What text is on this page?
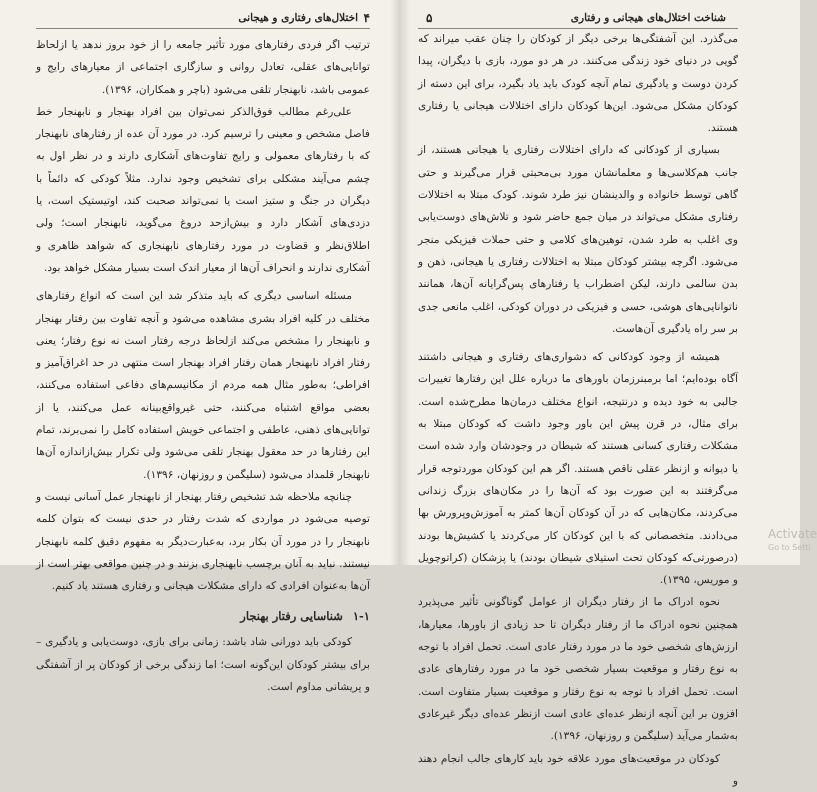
۴
اختلال‌های رفتاری و هیجانی

ترتیب اگر فردی رفتارهای مورد تأثیر جامعه را از خود بروز ندهد یا ازلحاظ توانایی‌های عقلی، تعادل روانی و سازگاری اجتماعی از معیارهای رایج و عمومی باشد، نابهنجار تلقی می‌شود (باچر و همکاران، ۱۳۹۶).

علی‌رغم مطالب فوق‌الذکر نمی‌توان بین افراد بهنجار و نابهنجار خط فاصل مشخص و معینی را ترسیم کرد. در مورد آن عده از رفتارهای نابهنجار که با رفتارهای معمولی و رایج تفاوت‌های آشکاری دارند و در نظر اول به چشم می‌آیند مشکلی برای تشخیص وجود ندارد. مثلاً کودکی که دائماً با دیگران در جنگ و ستیز است یا نمی‌تواند صحبت کند، اوتیستیک است، یا دزدی‌های آشکار دارد و بیش‌ازحد دروغ می‌گوید، نابهنجار است؛ ولی اطلاق‌نظر و قضاوت در مورد رفتارهای نابهنجاری که شواهد ظاهری و آشکاری ندارند و انحراف آن‌ها از معیار اندک است بسیار مشکل خواهد بود.

مسئله اساسی دیگری که باید متذکر شد این است که انواع رفتارهای مختلف در کلیه افراد بشری مشاهده می‌شود و آنچه تفاوت بین رفتار بهنجار و نابهنجار را مشخص می‌کند ازلحاظ درجه رفتار است نه نوع رفتار؛ یعنی رفتار افراد نابهنجار همان رفتار افراد بهنجار است منتهی در حد اغراق‌آمیز و افراطی؛ به‌طور مثال همه مردم از مکانیسم‌های دفاعی استفاده می‌کنند، بعضی مواقع اشتباه می‌کنند، حتی غیرواقع‌بینانه عمل می‌کنند، یا از توانایی‌های ذهنی، عاطفی و اجتماعی خویش استفاده کامل را نمی‌برند، تمام این رفتارها در حد معقول بهنجار تلقی می‌شود ولی تکرار بیش‌ازاندازه آن‌ها نابهنجار قلمداد می‌شود (سلیگمن و روزنهان، ۱۳۹۶).

چنانچه ملاحظه شد تشخیص رفتار بهنجار از نابهنجار عمل آسانی نیست و توصیه می‌شود در مواردی که شدت رفتار در حدی نیست که بتوان کلمه نابهنجار را در مورد آن بکار برد، به‌عبارت‌دیگر به مفهوم دقیق کلمه نابهنجار نیستند. نباید به آنان برچسب نابهنجاری بزنند و در چنین مواقعی بهتر است از آن‌ها به‌عنوان افرادی که دارای مشکلات هیجانی و رفتاری هستند یاد کنیم.

۱-۱ شناسایی رفتار بهنجار

کودکی باید دورانی شاد باشد: زمانی برای بازی، دوست‌یابی و یادگیری – برای بیشتر کودکان این‌گونه است؛ اما زندگی برخی از کودکان پر از آشفتگی و پریشانی مداوم است.

شناخت اختلال‌های هیجانی و رفتاری
۵

می‌گذرد. این آشفتگی‌ها برخی دیگر از کودکان را چنان عقب میراند که گویی در دنیای خود زندگی می‌کنند. در هر دو مورد، بازی با دیگران، پیدا کردن دوست و یادگیری تمام آنچه کودک باید یاد بگیرد، برای این دسته از کودکان مشکل می‌شود. این‌ها کودکان دارای اختلالات هیجانی یا رفتاری هستند.

بسیاری از کودکانی که دارای اختلالات رفتاری یا هیجانی هستند، از جانب هم‌کلاسی‌ها و معلمانشان مورد بی‌محبتی قرار می‌گیرند و حتی گاهی توسط خانواده و والدینشان نیز طرد شوند. کودک مبتلا به اختلالات رفتاری مشکل می‌تواند در میان جمع حاضر شود و تلاش‌های دوست‌یابی وی اغلب به طرد شدن، توهین‌های کلامی و حتی حملات فیزیکی منجر می‌شود. اگرچه بیشتر کودکان مبتلا به اختلالات رفتاری یا هیجانی، ذهن و بدن سالمی دارند، لیکن اضطراب یا رفتارهای پس‌گرایانه آن‌ها، همانند ناتوانایی‌های هوشی، حسی و فیزیکی در دوران کودکی، اغلب مانعی جدی بر سر راه یادگیری آن‌هاست.

همیشه از وجود کودکانی که دشواری‌های رفتاری و هیجانی داشتند آگاه بوده‌ایم؛ اما برمبنرزمان باورهای ما درباره علل این رفتارها تغییرات جالبی به خود دیده و درنتیجه، انواع مختلف درمان‌ها مطرح‌شده است. برای مثال، در قرن پیش این باور وجود داشت که کودکان مبتلا به مشکلات رفتاری کسانی هستند که شیطان در وجودشان وارد شده است یا دیوانه و ازنظر عقلی ناقص هستند. اگر هم این کودکان موردتوجه قرار می‌گرفتند به این صورت بود که آن‌ها را در مکان‌های بزرگ زندانی می‌کردند، مکان‌هایی که در آن کودکان آن‌ها کمتر به آموزش‌وپرورش بها می‌دادند. متخصصانی که با این کودکان کار می‌کردند یا کشیش‌ها بودند (درصورتی‌که کودکان تحت استیلای شیطان بودند) یا پزشکان (کراتوچویل و موریس، ۱۳۹۵).

نحوه ادراک ما از رفتار دیگران از عوامل گوناگونی تأثیر می‌پذیرد همچنین نحوه ادراک ما از رفتار دیگران تا حد زیادی از باورها، معیارها، ارزش‌های شخصی خود ما در مورد رفتار عادی است. تحمل افراد با توجه به نوع رفتار و موقعیت بسیار شخصی خود ما در مورد رفتارهای عادی است. تحمل افراد با توجه به نوع رفتار و موقعیت بسیار متفاوت است. افزون بر این آنچه ازنظر عده‌ای عادی است ازنظر عده‌ای دیگر غیرعادی به‌شمار می‌آید (سلیگمن و روزنهان، ۱۳۹۶).

کودکان در موقعیت‌های مورد علاقه خود باید کارهای جالب انجام دهند و

Activate
Go to Setti
